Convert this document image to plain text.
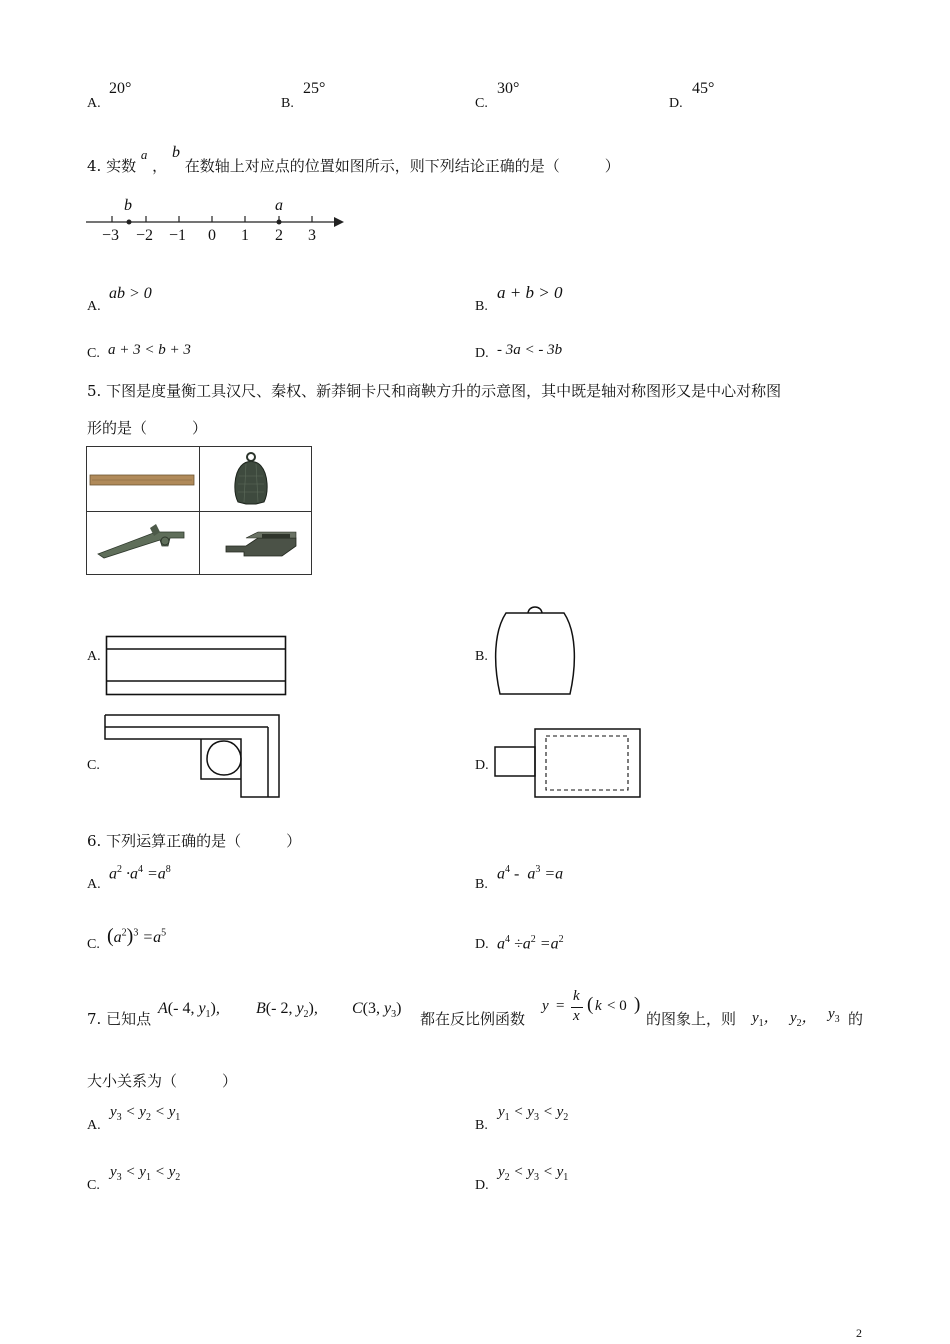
A.
20°
B.
25°
C.
30°
D.
45°
4. 实数 a ， b 在数轴上对应点的位置如图所示，则下列结论正确的是（　　　）
b	a
−3 −2 −1 0 1 2 3
A.
ab > 0
B.
a + b > 0
C. a + 3 < b + 3	D. - 3a < - 3b
5. 下图是度量衡工具汉尺、秦权、新莽铜卡尺和商鞅方升的示意图，其中既是轴对称图形又是中心对称图
形的是（　　　）
A.	B.
C.	D.
6. 下列运算正确的是（　　　）
A.
$a^2 \cdot a^4 =a^8$
B.
$a^4 - a^3 =a$
C. $(a^2)^3 =a^5$
D. $a^4 \div a^2 =a^2$
7. 已知点
A(- 4, $y_1$), B(- 2, $y_2$), C(3, $y_3$)
都在反比例函数
y =
k
x
( k < 0 )
的图象上，则 $y_1$， $y_2$， $y_3$ 的
大小关系为（　　　）
A.
$y_3 < y_2 < y_1$
B.
$y_1 < y_3 < y_2$
C.
$y_3 < y_1 < y_2$
D.
$y_2 < y_3 < y_1$
2
